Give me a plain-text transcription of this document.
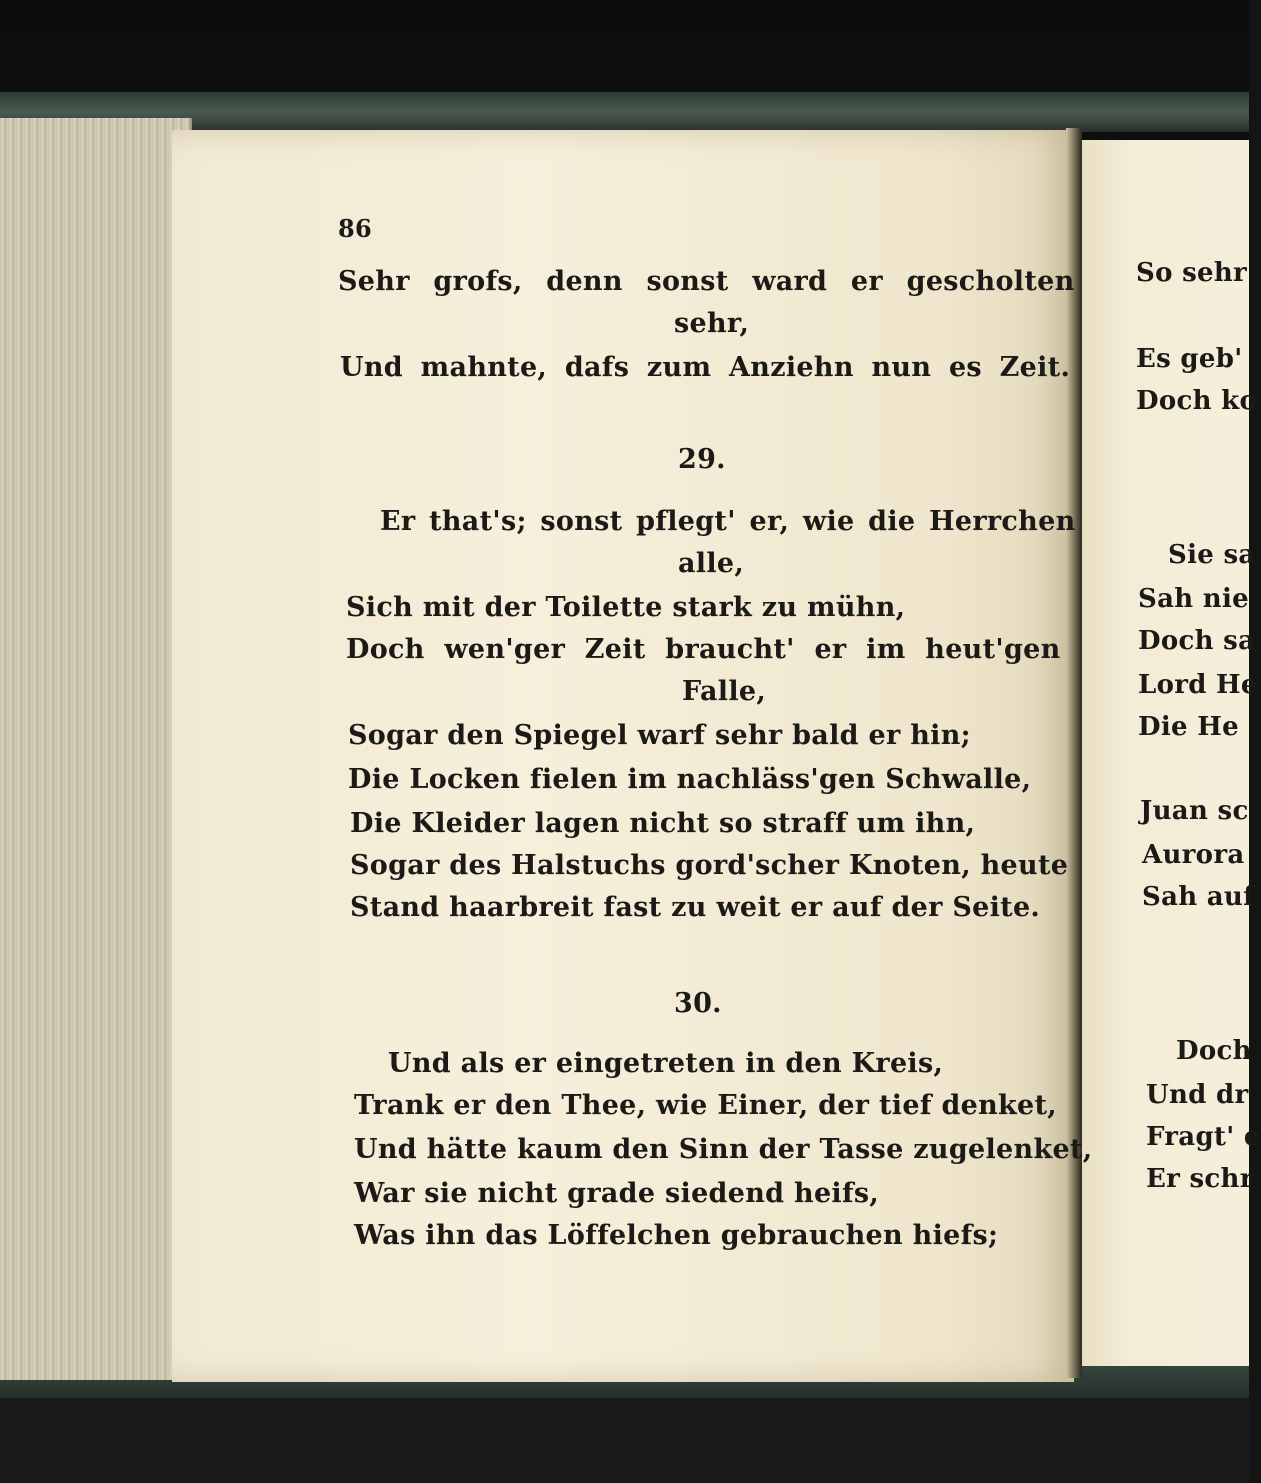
86
Sehr grofs, denn sonst ward er gescholten
sehr,
Und mahnte, dafs zum Anziehn nun es Zeit.
29.
Er that's; sonst pflegt' er, wie die Herrchen
alle,
Sich mit der Toilette stark zu mühn,
Doch wen'ger Zeit braucht' er im heut'gen
Falle,
Sogar den Spiegel warf sehr bald er hin;
Die Locken fielen im nachläss'gen Schwalle,
Die Kleider lagen nicht so straff um ihn,
Sogar des Halstuchs gord'scher Knoten, heute
Stand haarbreit fast zu weit er auf der Seite.
30.
Und als er eingetreten in den Kreis,
Trank er den Thee, wie Einer, der tief denket,
Und hätte kaum den Sinn der Tasse zugelenket,
War sie nicht grade siedend heifs,
Was ihn das Löffelchen gebrauchen hiefs;
So sehr
Es geb'
Doch ko
Sie sa
Sah nie
Doch sa
Lord He
Die He
Juan sc
Aurora
Sah auf
Doch
Und dr
Fragt' e
Er schr
